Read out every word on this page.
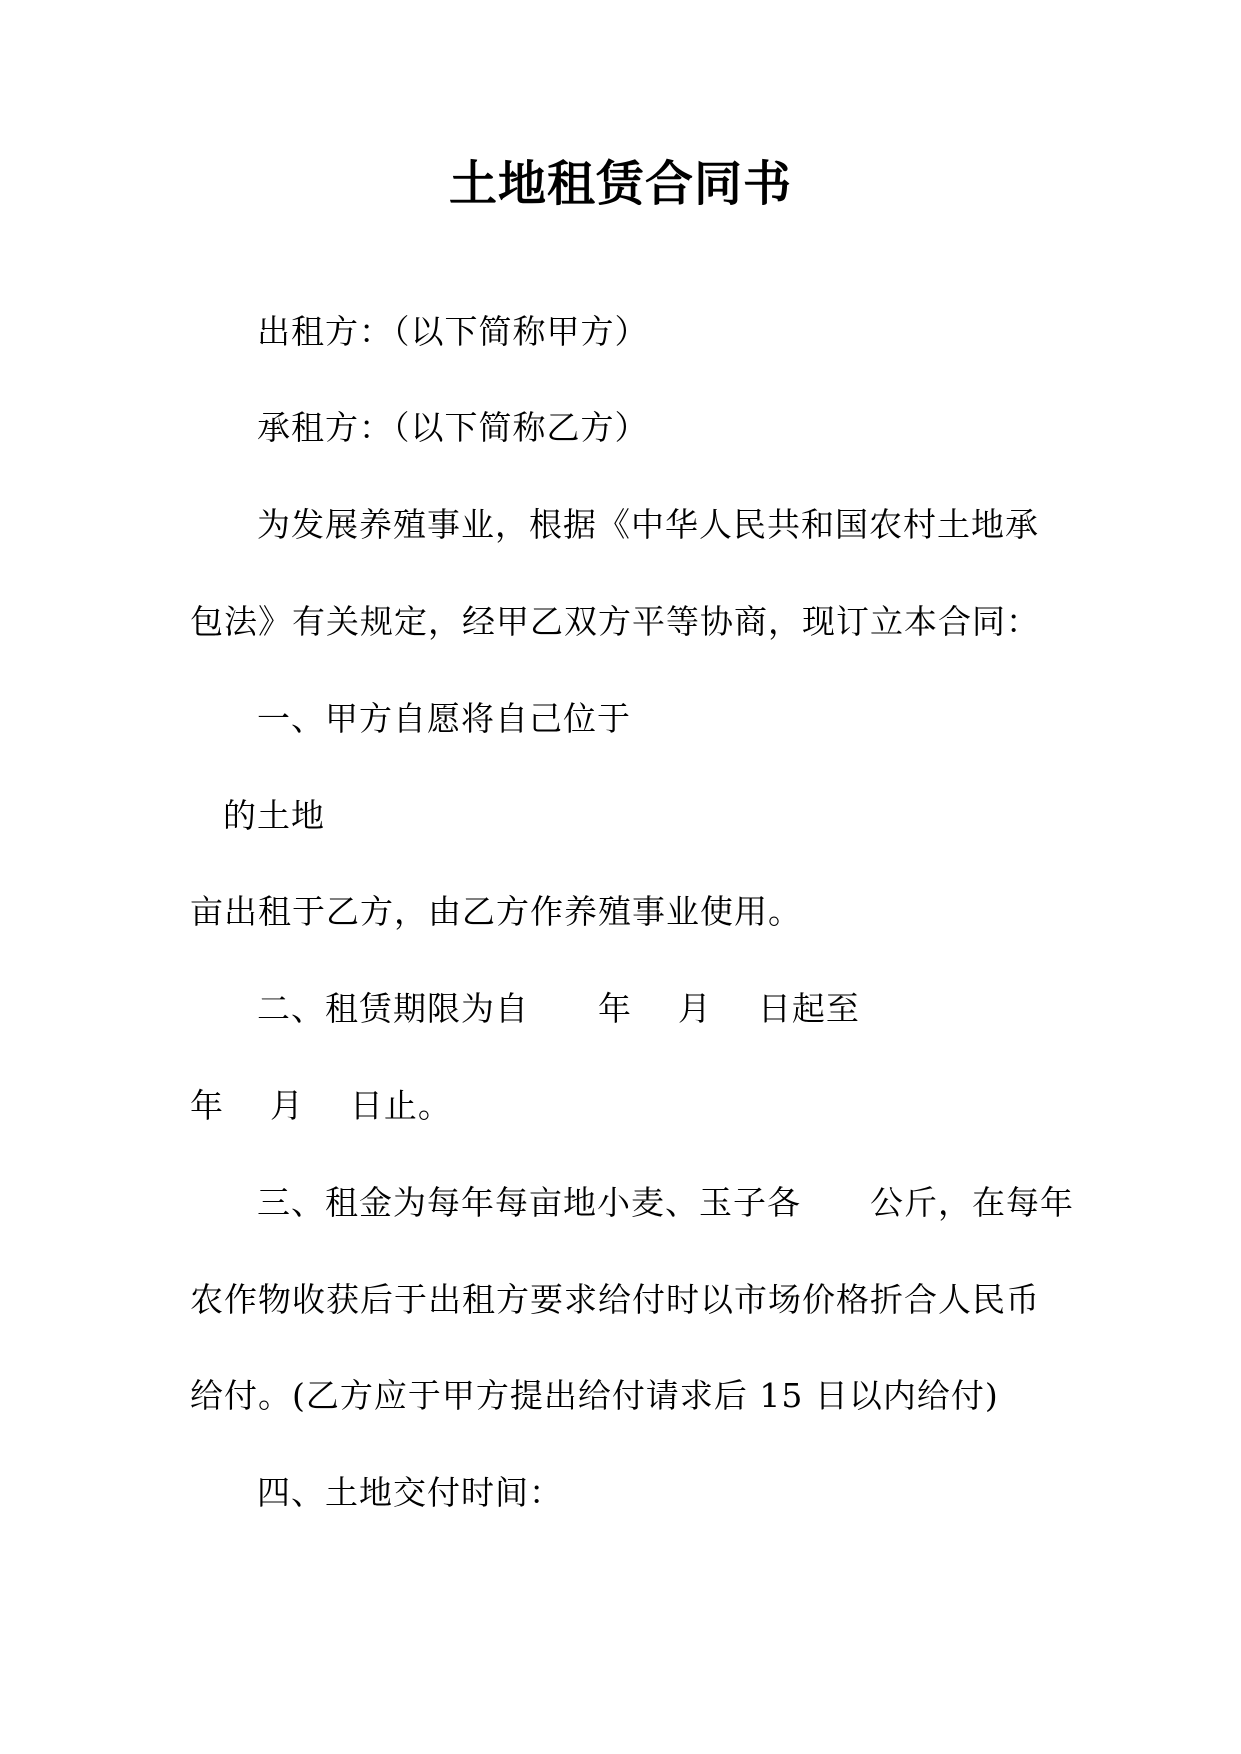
土地租赁合同书
出租方：（以下简称甲方）
承租方：（以下简称乙方）
为发展养殖事业，根据《中华人民共和国农村土地承
包法》有关规定，经甲乙双方平等协商，现订立本合同：
一、甲方自愿将自己位于
的土地
亩出租于乙方，由乙方作养殖事业使用。
二、租赁期限为自      年    月    日起至
年    月    日止。
三、租金为每年每亩地小麦、玉子各      公斤，在每年
农作物收获后于出租方要求给付时以市场价格折合人民币
给付。(乙方应于甲方提出给付请求后 15 日以内给付)
四、土地交付时间：
